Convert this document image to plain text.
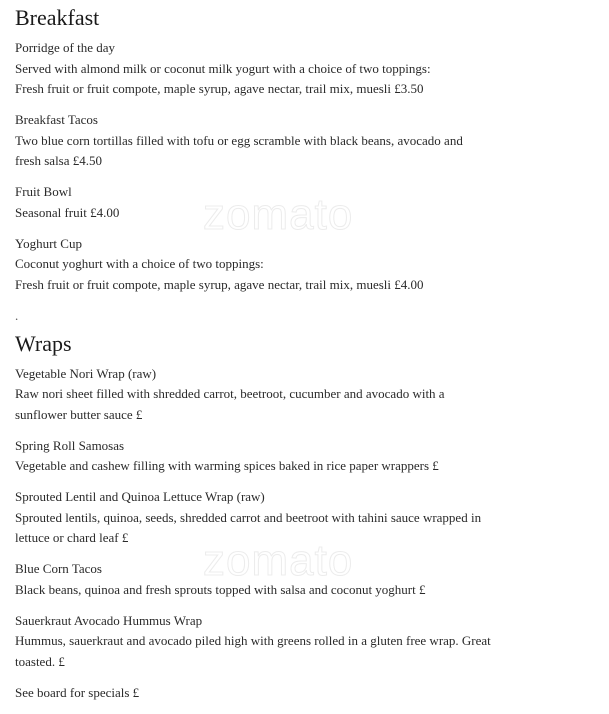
zomato
zomato
Breakfast
Porridge of the day
Served with almond milk or coconut milk yogurt with a choice of two toppings:
Fresh fruit or fruit compote, maple syrup, agave nectar, trail mix, muesli £3.50
Breakfast Tacos
Two blue corn tortillas filled with tofu or egg scramble with black beans, avocado and
fresh salsa £4.50
Fruit Bowl
Seasonal fruit £4.00
Yoghurt Cup
Coconut yoghurt with a choice of two toppings:
Fresh fruit or fruit compote, maple syrup, agave nectar, trail mix, muesli £4.00
.
Wraps
Vegetable Nori Wrap (raw)
Raw nori sheet filled with shredded carrot, beetroot, cucumber and avocado with a
sunflower butter sauce £
Spring Roll Samosas
Vegetable and cashew filling with warming spices baked in rice paper wrappers £
Sprouted Lentil and Quinoa Lettuce Wrap (raw)
Sprouted lentils, quinoa, seeds, shredded carrot and beetroot with tahini sauce wrapped in
lettuce or chard leaf £
Blue Corn Tacos
Black beans, quinoa and fresh sprouts topped with salsa and coconut yoghurt £
Sauerkraut Avocado Hummus Wrap
Hummus, sauerkraut and avocado piled high with greens rolled in a gluten free wrap. Great
toasted. £
See board for specials £
